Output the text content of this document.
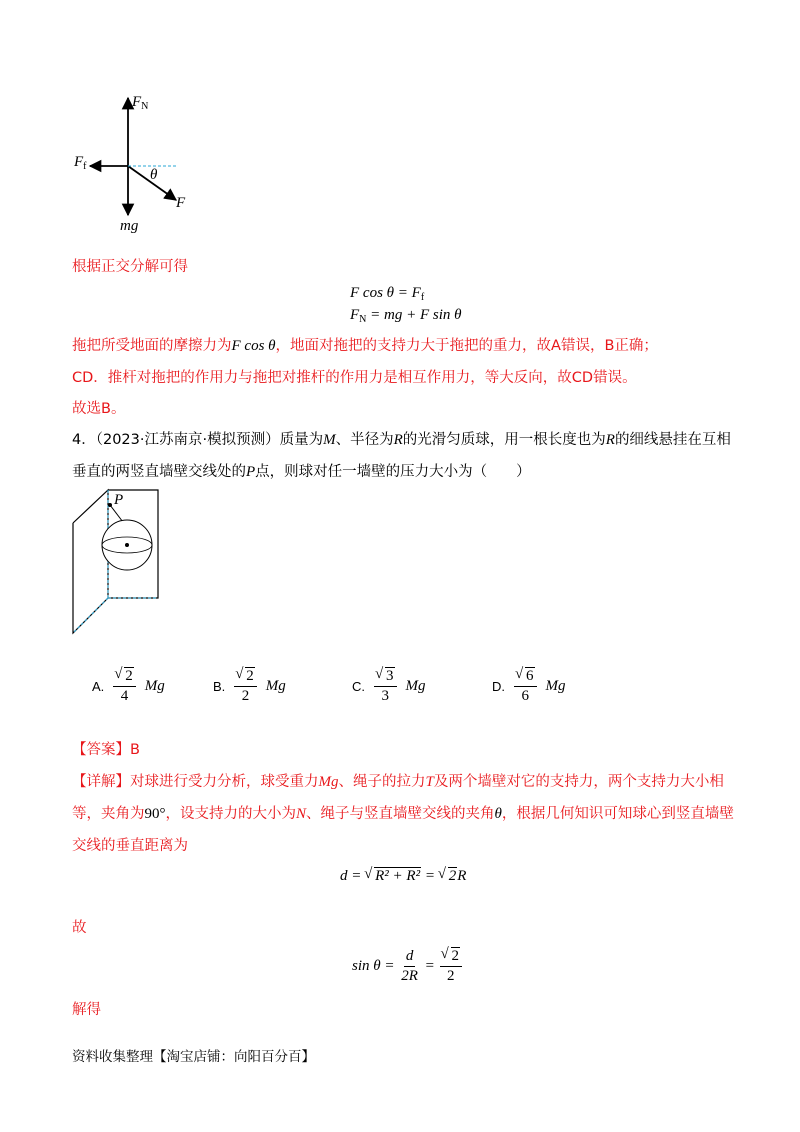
$F_N$
$F_f$
θ
F
mg
根据正交分解可得
F $\cos \theta = F_f$
$F_N$ = mg + F sin θ
拖把所受地面的摩擦力为F cos θ，地面对拖把的支持力大于拖把的重力，故A错误，B正确；
CD．推杆对拖把的作用力与拖把对推杆的作用力是相互作用力，等大反向，故CD错误。
故选B。
4．（2023·江苏南京·模拟预测）质量为M、半径为R的光滑匀质球，用一根长度也为R的细线悬挂在互相
垂直的两竖直墙壁交线处的P点，则球对任一墙壁的压力大小为（　　）
P
A. √ $\frac{2}{4}$ Mg	B. √ $\frac{2}{2}$ Mg	C. √ $\frac{3}{3}$ Mg	D. √ $\frac{6}{6}$ Mg
【答案】B
【详解】对球进行受力分析，球受重力Mg、绳子的拉力T及两个墙壁对它的支持力，两个支持力大小相
等，夹角为90°，设支持力的大小为N、绳子与竖直墙壁交线的夹角θ，根据几何知识可知球心到竖直墙壁
交线的垂直距离为
d = √ R² + R² = √ 2R
故
$\sin \theta = \frac{d}{2R}$ = √ $\frac{2}{2}$
解得
资料收集整理【淘宝店铺：向阳百分百】
